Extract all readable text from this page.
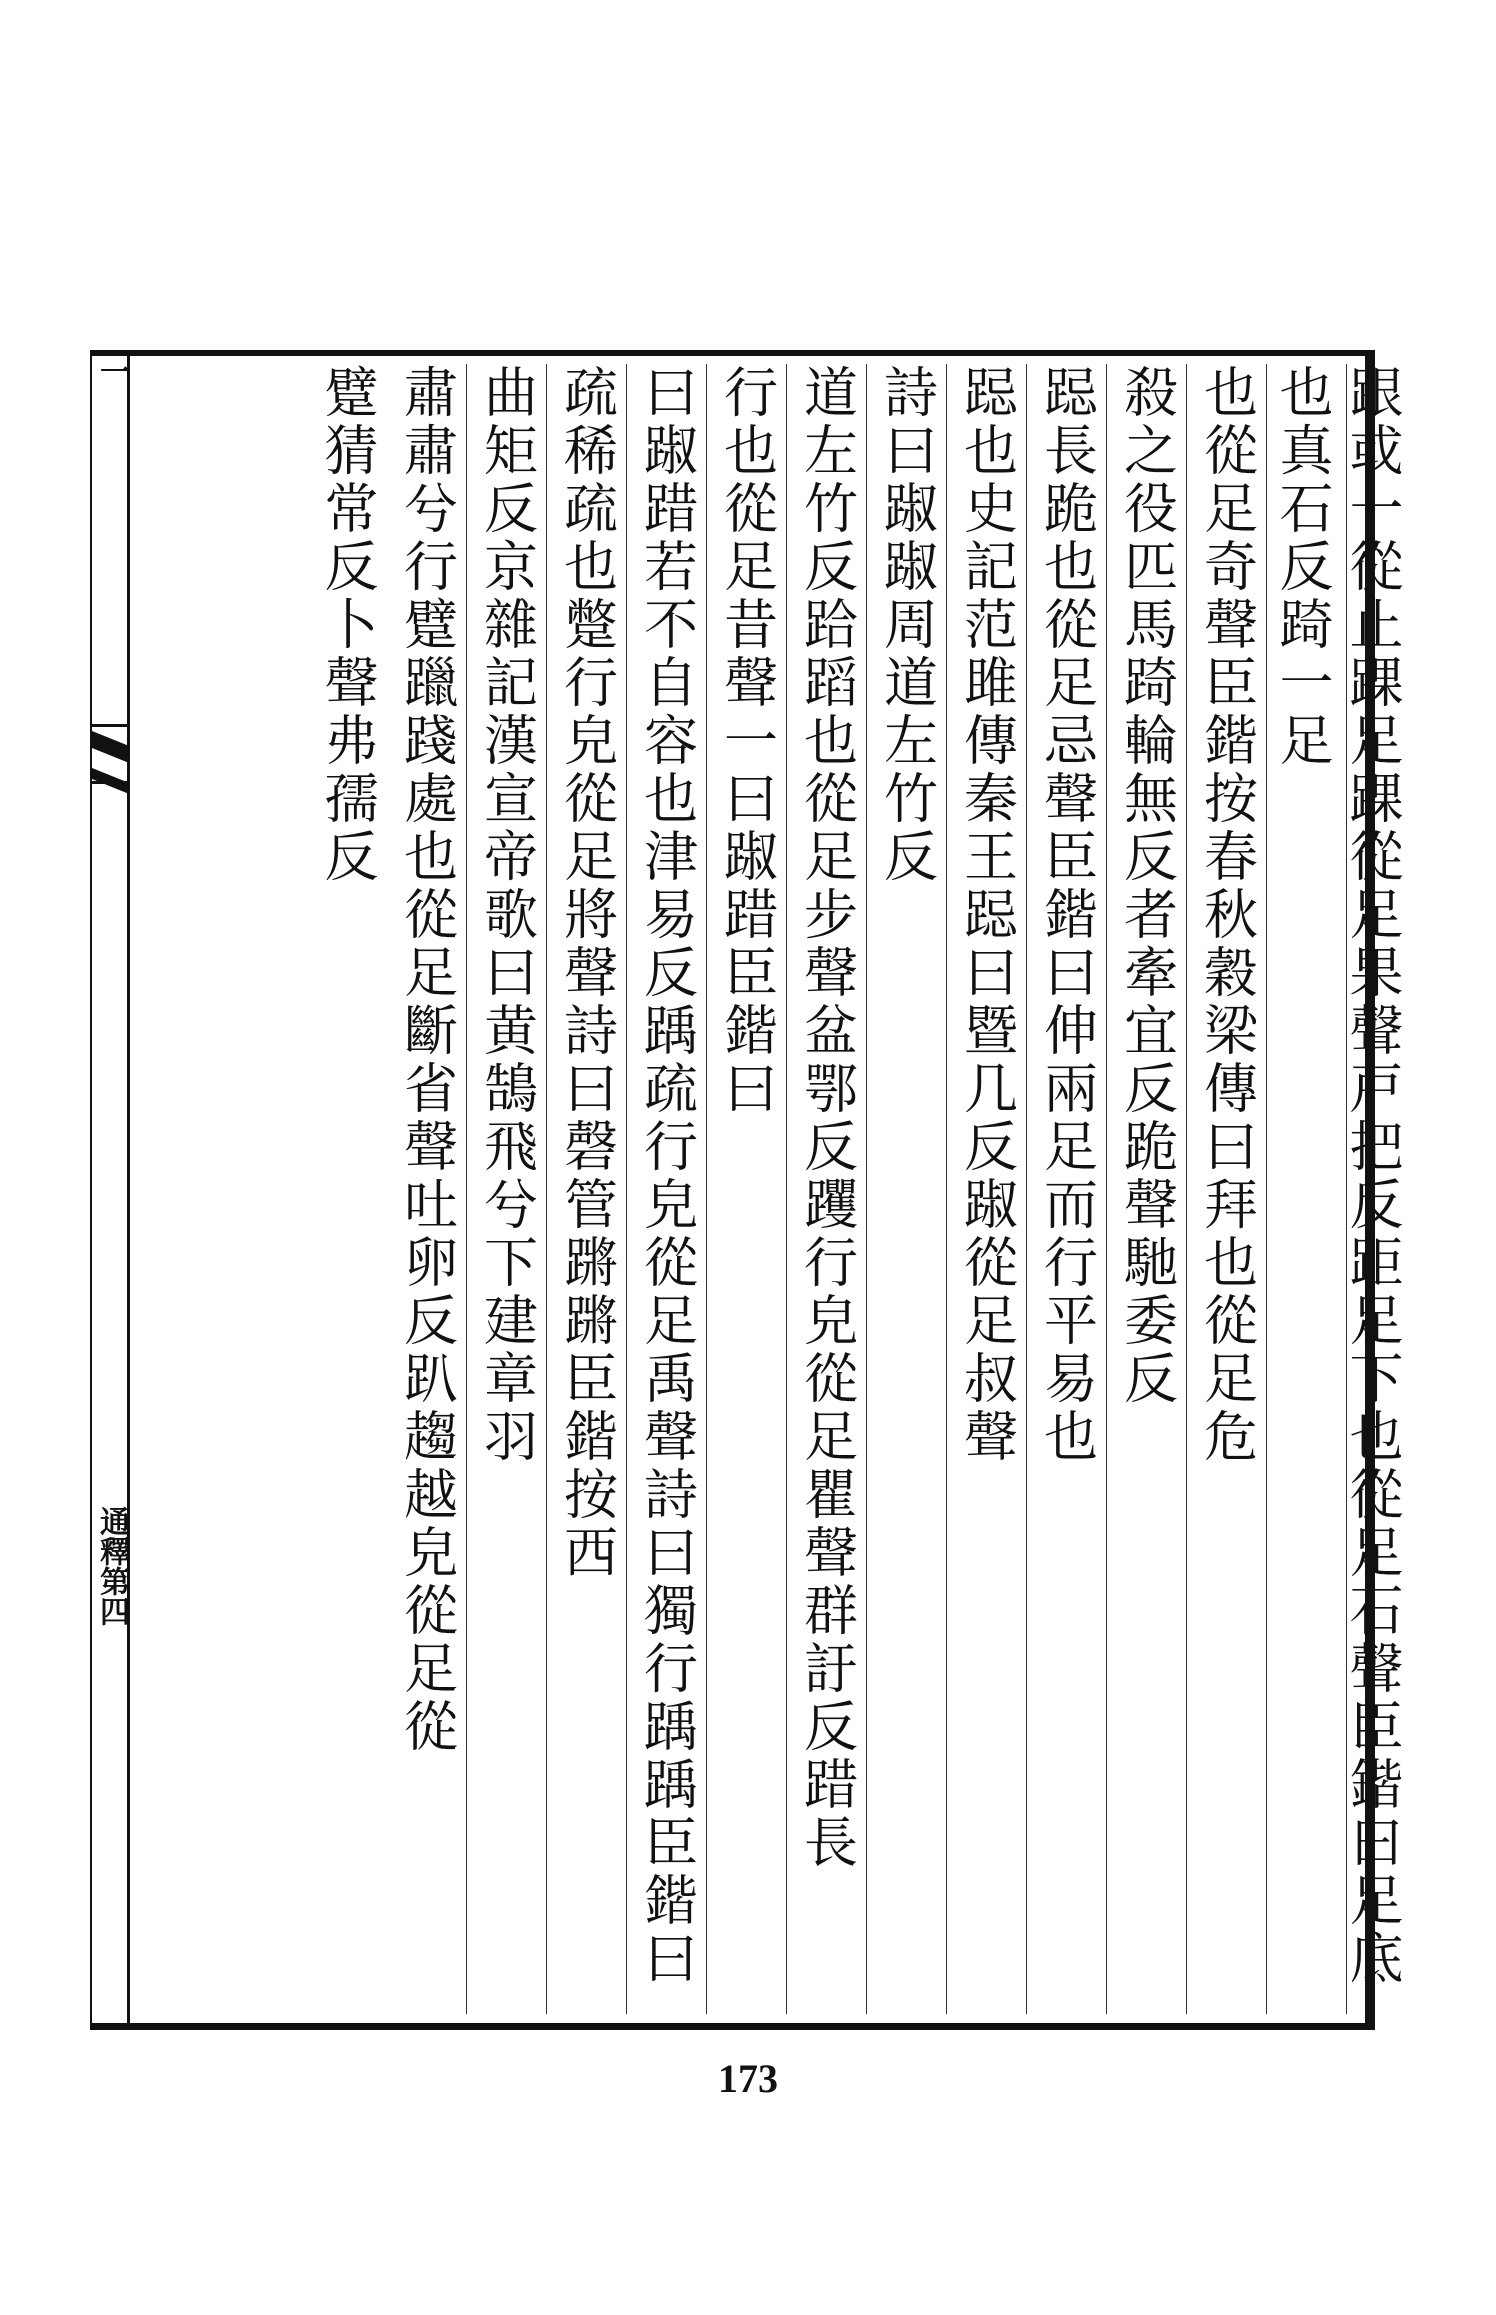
一
通釋第四	跟或一從止踝足踝從足果聲戸把反距足下也從足石聲臣鍇曰足底也真石反踦一足
也從足奇聲臣鍇按春秋穀梁傳曰拜也從足危
殺之役匹馬踦輪無反者牽宜反跪聲馳委反
跽長跪也從足忌聲臣鍇曰伸兩足而行平易也
跽也史記范雎傳秦王跽曰暨几反踧從足叔聲
詩曰踧踧周道左竹反
道左竹反跲蹈也從足步聲盆鄂反躩行皃從足瞿聲群訏反踖長
行也從足昔聲一曰踧踖臣鍇曰
曰踧踖若不自容也津易反踽疏行皃從足禹聲詩曰獨行踽踽臣鍇曰
疏稀疏也蹩行皃從足將聲詩曰磬管蹡蹡臣鍇按西
曲矩反京雜記漢宣帝歌曰黄鵠飛兮下建章羽
肅肅兮行躄躐踐處也從足斷省聲吐卵反趴趨越皃從足從
躄猜常反卜聲弗孺反
173
